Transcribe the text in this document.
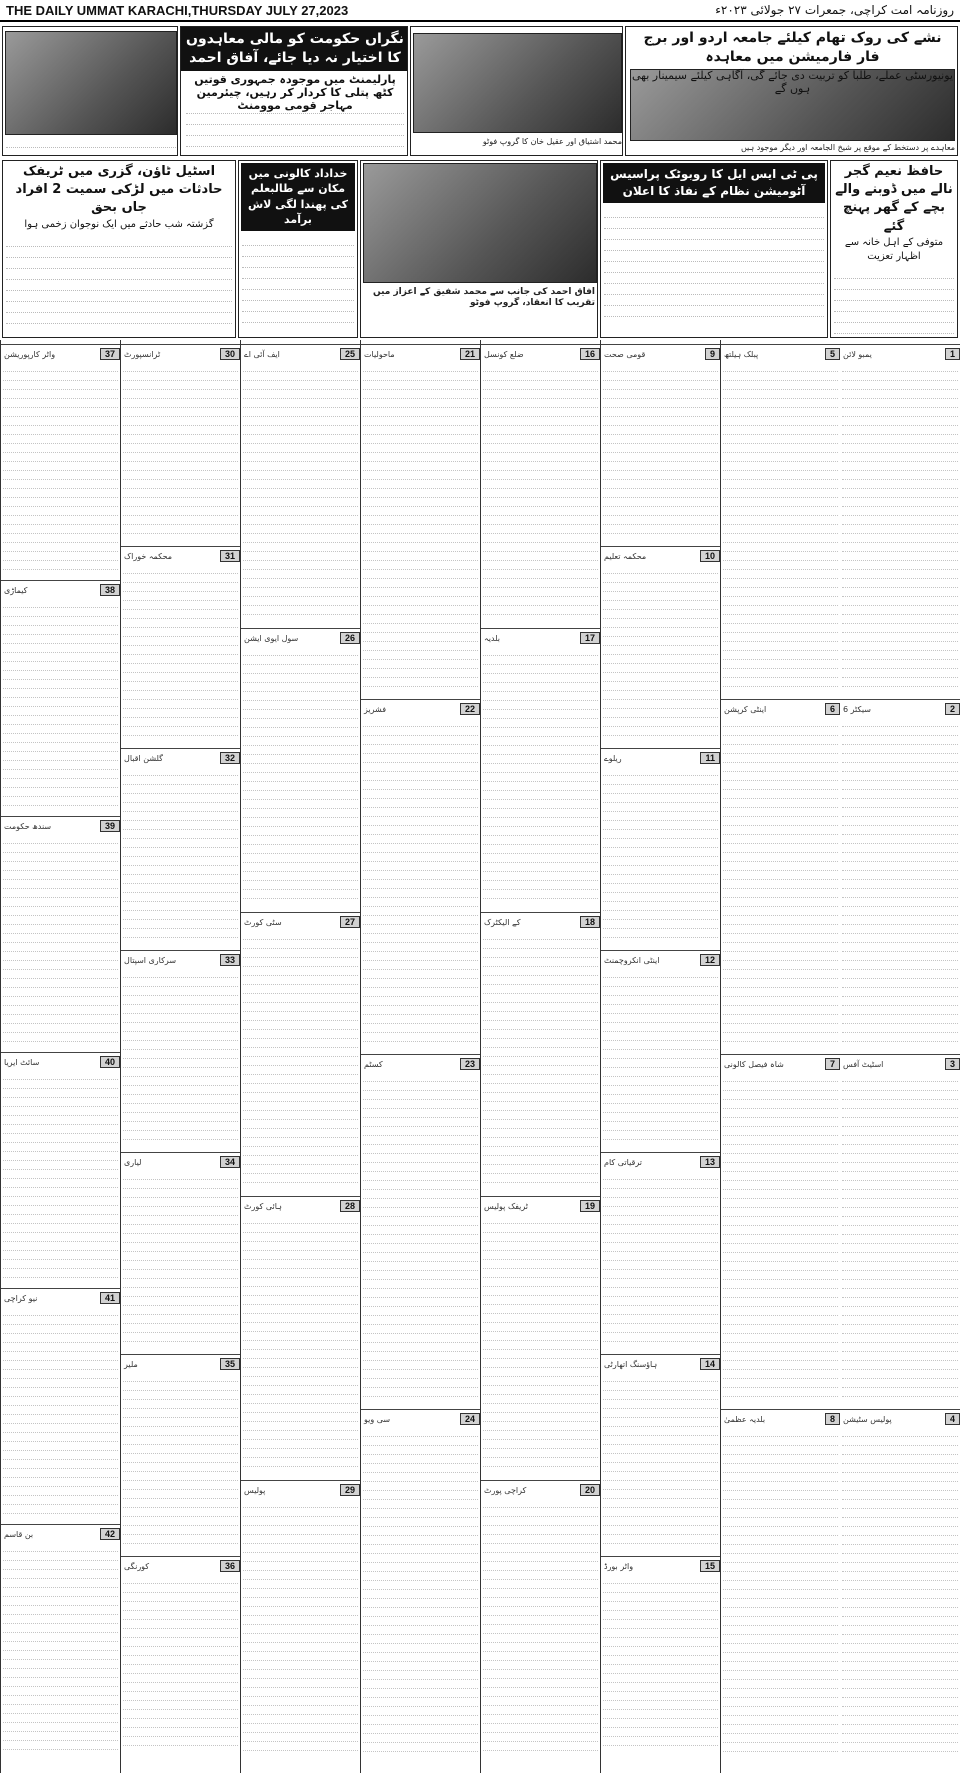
THE DAILY UMMAT KARACHI,THURSDAY JULY 27,2023	روزنامہ امت کراچی، جمعرات ۲۷ جولائی ۲۰۲۳ء
نشے کی روک تھام کیلئے جامعہ اردو اور برج فار فارمیشن میں معاہدہ
یونیورسٹی عملے، طلبا کو تربیت دی جائے گی، آگاہی کیلئے سیمینار بھی ہوں گے
معاہدے پر دستخط کے موقع پر شیخ الجامعہ اور دیگر موجود ہیں
محمد اشتیاق اور عقیل خان کا گروپ فوٹو
نگراں حکومت کو مالی معاہدوں کا اختیار نہ دیا جائے، آفاق احمد
پارلیمنٹ میں موجودہ جمہوری قوتیں کٹھ پتلی کا کردار کر رہیں، چیئرمین مہاجر قومی موومنٹ
حافظ نعیم گجر نالے میں ڈوبنے والے بچے کے گھر پہنچ گئے
متوفی کے اہل خانہ سے اظہار تعزیت
پی ٹی ایس ایل کا روبوٹک پراسیس آٹومیشن نظام کے نفاذ کا اعلان
آفاق احمد کی جانب سے محمد شفیق کے اعزاز میں تقریب کا انعقاد، گروپ فوٹو
خداداد کالونی میں مکان سے طالبعلم کی پھندا لگی لاش برآمد
اسٹیل ٹاؤن، گزری میں ٹریفک حادثات میں لڑکی سمیت 2 افراد جاں بحق
گزشتہ شب حادثے میں ایک نوجوان زخمی ہوا
1
یمبو لائن
2
سیکٹر 6
3
اسٹیٹ آفس
4
پولیس سٹیشن
5
پبلک ہیلتھ
6
اینٹی کرپشن
7
شاہ فیصل کالونی
8
بلدیہ عظمیٰ
9
قومی صحت
10
محکمہ تعلیم
11
ریلوے
12
اینٹی انکروچمنٹ
13
ترقیاتی کام
14
ہاؤسنگ اتھارٹی
15
واٹر بورڈ
16
ضلع کونسل
17
بلدیہ
18
کے الیکٹرک
19
ٹریفک پولیس
20
کراچی پورٹ
21
ماحولیات
22
فشریز
23
کسٹم
24
سی ویو
25
ایف آئی اے
26
سول ایوی ایشن
27
سٹی کورٹ
28
ہائی کورٹ
29
پولیس
30
ٹرانسپورٹ
31
محکمہ خوراک
32
گلشن اقبال
33
سرکاری اسپتال
34
لیاری
35
ملیر
36
کورنگی
37
واٹر کارپوریشن
38
کیماڑی
39
سندھ حکومت
40
سائٹ ایریا
41
نیو کراچی
42
بن قاسم
